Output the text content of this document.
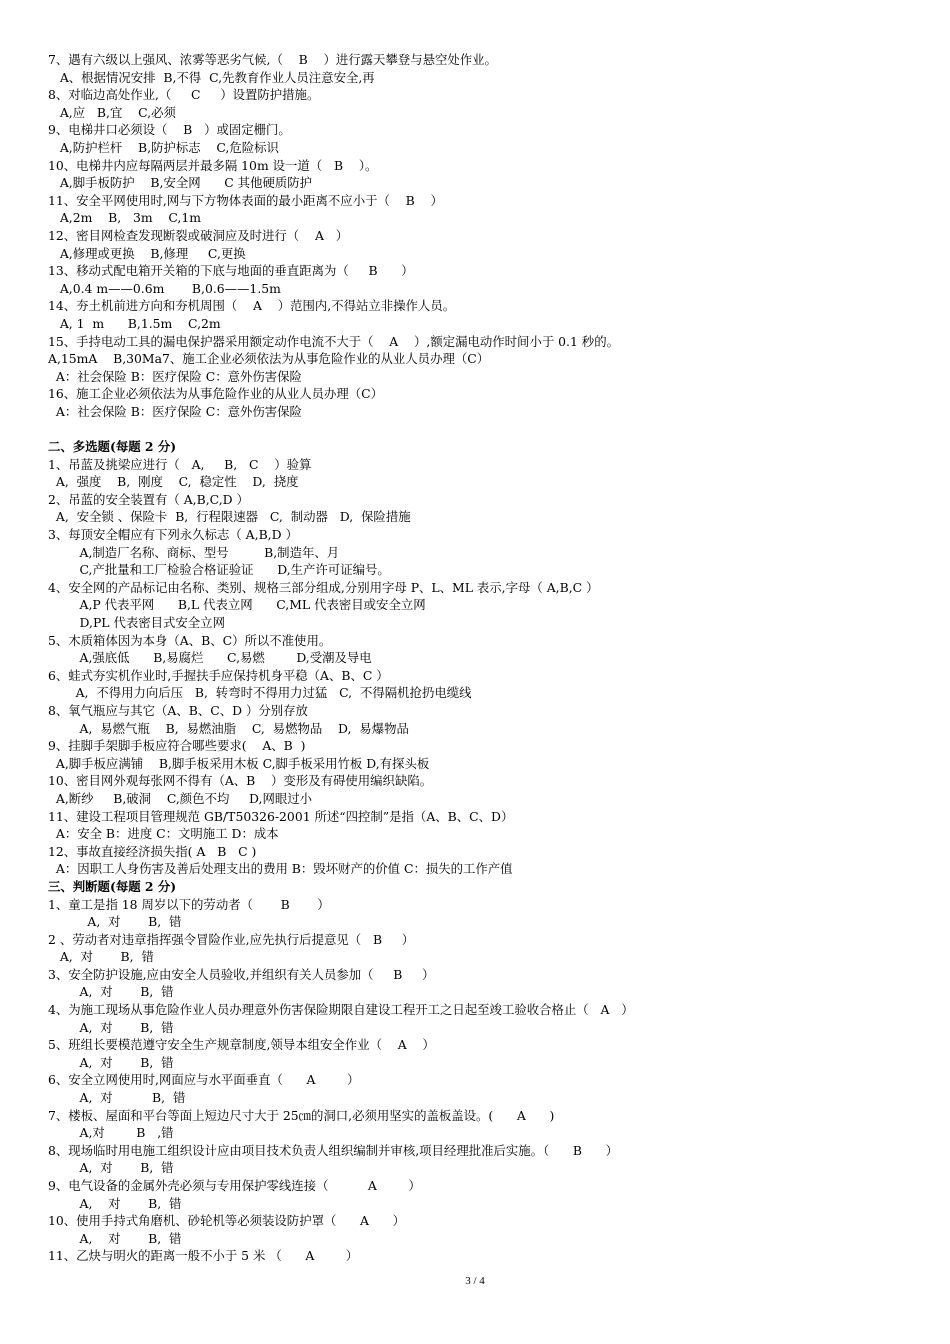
7、遇有六级以上强风、浓雾等恶劣气候,（    B    ）进行露天攀登与悬空处作业。
A、根据情况安排  B,不得  C,先教育作业人员注意安全,再
8、对临边高处作业,（     C     ）设置防护措施。
A,应   B,宜    C,必须
9、电梯井口必须设（    B   ）或固定栅门。
A,防护栏杆    B,防护标志    C,危险标识
10、电梯井内应每隔两层并最多隔 10m 设一道（   B    ）。
A,脚手板防护    B,安全网      C 其他硬质防护
11、安全平网使用时,网与下方物体表面的最小距离不应小于（    B    ）
A,2m    B,   3m    C,1m
12、密目网检查发现断裂或破洞应及时进行（    A   ）
A,修理或更换    B,修理     C,更换
13、移动式配电箱开关箱的下底与地面的垂直距离为（     B      ）
A,0.4 m——0.6m       B,0.6——1.5m
14、夯土机前进方向和夯机周围（    A    ）范围内,不得站立非操作人员。
A, 1  m      B,1.5m    C,2m
15、手持电动工具的漏电保护器采用额定动作电流不大于（    A    ）,额定漏电动作时间小于 0.1 秒的。
A,15mA    B,30Ma7、施工企业必须依法为从事危险作业的从业人员办理（C）
A：社会保险 B：医疗保险 C：意外伤害保险
16、施工企业必须依法为从事危险作业的从业人员办理（C）
A：社会保险 B：医疗保险 C：意外伤害保险
二、多选题(每题 2 分)
1、吊蓝及挑梁应进行（   A,     B,   C    ）验算
A,  强度    B,  刚度    C,  稳定性    D,  挠度
2、吊蓝的安全装置有（ A,B,C,D ）
A,  安全锁 、保险卡  B,  行程限速器   C,  制动器   D,  保险措施
3、每顶安全帽应有下列永久标志（ A,B,D ）
A,制造厂名称、商标、型号         B,制造年、月
C,产批量和工厂检验合格证验证      D,生产许可证编号。
4、安全网的产品标记由名称、类别、规格三部分组成,分别用字母 P、L、ML 表示,字母（ A,B,C ）
A,P 代表平网      B,L 代表立网      C,ML 代表密目或安全立网
D,PL 代表密目式安全立网
5、木质箱体因为本身（A、B、C）所以不准使用。
A,强底低      B,易腐烂      C,易燃        D,受潮及导电
6、蛙式夯实机作业时,手握扶手应保持机身平稳（A、B、C ）
A,  不得用力向后压   B,  转弯时不得用力过猛   C,  不得隔机抢扔电缆线
8、氧气瓶应与其它（A、B、C、D ）分别存放
A,  易燃气瓶    B,  易燃油脂    C,  易燃物品    D,  易爆物品
9、挂脚手架脚手板应符合哪些要求(    A、B  )
A,脚手板应满铺    B,脚手板采用木板 C,脚手板采用竹板 D,有探头板
10、密目网外观每张网不得有（A、B    ）变形及有碍使用编织缺陷。
A,断纱     B,破洞    C,颜色不均     D,网眼过小
11、建设工程项目管理规范 GB/T50326-2001 所述“四控制”是指（A、B、C、D）
A：安全 B：进度 C：文明施工 D：成本
12、事故直接经济损失指( A   B   C )
A：因职工人身伤害及善后处理支出的费用 B：毁坏财产的价值 C：损失的工作产值
三、判断题(每题 2 分)
1、童工是指 18 周岁以下的劳动者（       B       ）
A,  对       B,  错
2 、劳动者对违章指挥强令冒险作业,应先执行后提意见（   B     ）
A,  对       B,  错
3、安全防护设施,应由安全人员验收,并组织有关人员参加（     B     ）
A,  对       B,  错
4、为施工现场从事危险作业人员办理意外伤害保险期限自建设工程开工之日起至竣工验收合格止（   A   ）
A,  对       B,  错
5、班组长要模范遵守安全生产规章制度,领导本组安全作业（    A    ）
A,  对       B,  错
6、安全立网使用时,网面应与水平面垂直（      A        ）
A,  对          B,  错
7、楼板、屋面和平台等面上短边尺寸大于 25㎝的洞口,必须用坚实的盖板盖设。(      A      )
A,对        B   ,错
8、现场临时用电施工组织设计应由项目技术负责人组织编制并审核,项目经理批准后实施。（      B      ）
A,  对       B,  错
9、电气设备的金属外壳必须与专用保护零线连接（          A        ）
A,    对       B,  错
10、使用手持式角磨机、砂轮机等必须装设防护罩（      A      ）
A,    对       B,  错
11、乙炔与明火的距离一般不小于 5 米 （      A        ）
3 / 4
